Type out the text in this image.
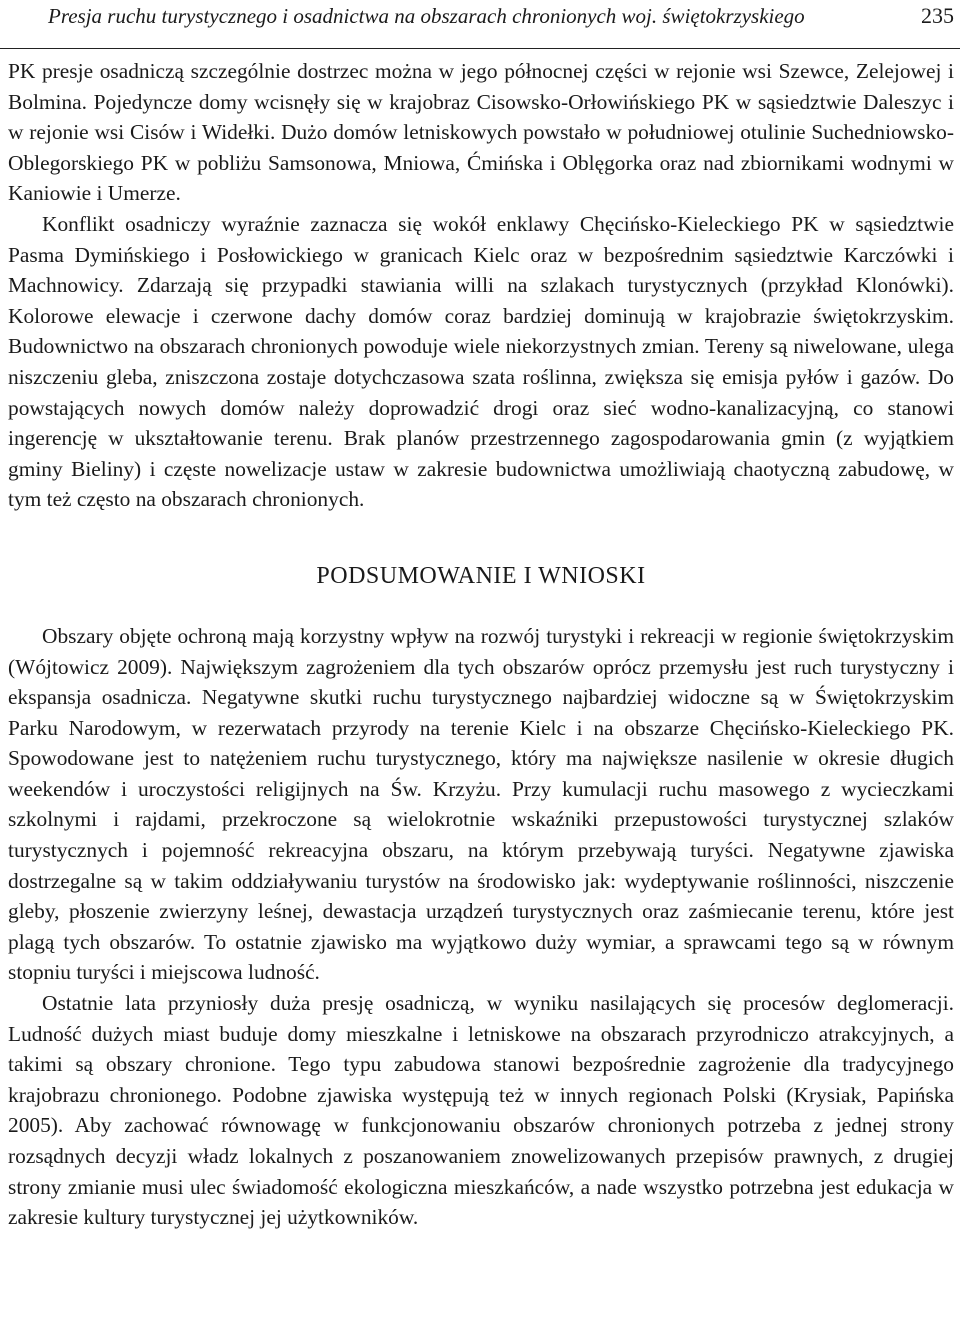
Presja ruchu turystycznego i osadnictwa na obszarach chronionych woj. świętokrzyskiego	235

PK presje osadniczą szczególnie dostrzec można w jego północnej części w rejonie wsi Szewce, Zelejowej i Bolmina. Pojedyncze domy wcisnęły się w krajobraz Cisowsko-Orłowińskiego PK w sąsiedztwie Daleszyc i w rejonie wsi Cisów i Widełki. Dużo domów letniskowych powstało w południowej otulinie Suchedniowsko-Oblegorskiego PK w pobliżu Samsonowa, Mniowa, Ćmińska i Oblęgorka oraz nad zbiornikami wodnymi w Kaniowie i Umerze.

Konflikt osadniczy wyraźnie zaznacza się wokół enklawy Chęcińsko-Kieleckiego PK w sąsiedztwie Pasma Dymińskiego i Posłowickiego w granicach Kielc oraz w bezpośrednim sąsiedztwie Karczówki i Machnowicy. Zdarzają się przypadki stawiania willi na szlakach turystycznych (przykład Klonówki). Kolorowe elewacje i czerwone dachy domów coraz bardziej dominują w krajobrazie świętokrzyskim. Budownictwo na obszarach chronionych powoduje wiele niekorzystnych zmian. Tereny są niwelowane, ulega niszczeniu gleba, zniszczona zostaje dotychczasowa szata roślinna, zwiększa się emisja pyłów i gazów. Do powstających nowych domów należy doprowadzić drogi oraz sieć wodno-kanalizacyjną, co stanowi ingerencję w ukształtowanie terenu. Brak planów przestrzennego zagospodarowania gmin (z wyjątkiem gminy Bieliny) i częste nowelizacje ustaw w zakresie budownictwa umożliwiają chaotyczną zabudowę, w tym też często na obszarach chronionych.

PODSUMOWANIE I WNIOSKI

Obszary objęte ochroną mają korzystny wpływ na rozwój turystyki i rekreacji w regionie świętokrzyskim (Wójtowicz 2009). Największym zagrożeniem dla tych obszarów oprócz przemysłu jest ruch turystyczny i ekspansja osadnicza. Negatywne skutki ruchu turystycznego najbardziej widoczne są w Świętokrzyskim Parku Narodowym, w rezerwatach przyrody na terenie Kielc i na obszarze Chęcińsko-Kieleckiego PK. Spowodowane jest to natężeniem ruchu turystycznego, który ma największe nasilenie w okresie długich weekendów i uroczystości religijnych na Św. Krzyżu. Przy kumulacji ruchu masowego z wycieczkami szkolnymi i rajdami, przekroczone są wielokrotnie wskaźniki przepustowości turystycznej szlaków turystycznych i pojemność rekreacyjna obszaru, na którym przebywają turyści. Negatywne zjawiska dostrzegalne są w takim oddziaływaniu turystów na środowisko jak: wydeptywanie roślinności, niszczenie gleby, płoszenie zwierzyny leśnej, dewastacja urządzeń turystycznych oraz zaśmiecanie terenu, które jest plagą tych obszarów. To ostatnie zjawisko ma wyjątkowo duży wymiar, a sprawcami tego są w równym stopniu turyści i miejscowa ludność.

Ostatnie lata przyniosły duża presję osadniczą, w wyniku nasilających się procesów deglomeracji. Ludność dużych miast buduje domy mieszkalne i letniskowe na obszarach przyrodniczo atrakcyjnych, a takimi są obszary chronione. Tego typu zabudowa stanowi bezpośrednie zagrożenie dla tradycyjnego krajobrazu chronionego. Podobne zjawiska występują też w innych regionach Polski (Krysiak, Papińska 2005). Aby zachować równowagę w funkcjonowaniu obszarów chronionych potrzeba z jednej strony rozsądnych decyzji władz lokalnych z poszanowaniem znowelizowanych przepisów prawnych, z drugiej strony zmianie musi ulec świadomość ekologiczna mieszkańców, a nade wszystko potrzebna jest edukacja w zakresie kultury turystycznej jej użytkowników.
